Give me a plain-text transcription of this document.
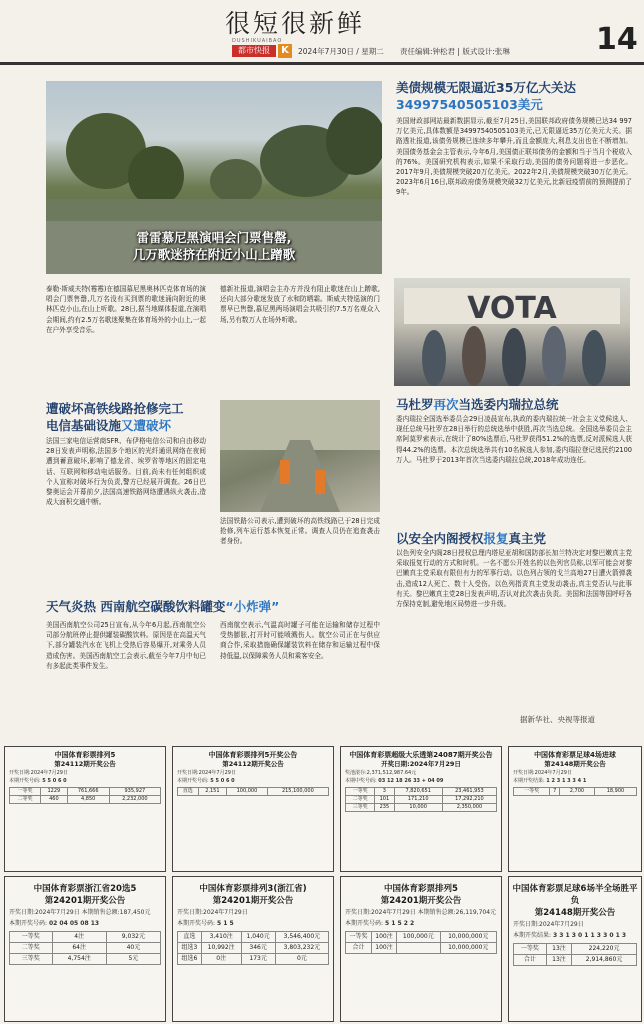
很短很新鲜
DUSHIKUAIBAO
都市快报	K	2024年7月30日 / 星期二 责任编辑:钟松君 | 版式设计:张琳	14
雷雷慕尼黑演唱会门票售罄,
几万歌迷挤在附近小山上蹭歌
美债规模无限逼近35万亿大关达34997540505103美元
美国财政部网站最新数据显示,截至7月25日,美国联邦政府债务规模已达34 997万亿美元,具体数额是34997540505103美元,已无限逼近35万亿美元大关。据路透社报道,该债务规模已连续多年攀升,而且金额庞大,利息支出也在不断增加。美国债务基金会主管表示,今年6月,美国债正联邦债务的金额和当于当月个税收入的76%。美国研究机构表示,如果不采取行动,美国的债务问题将进一步恶化。2017年9月,美债规模突破20万亿美元。2022年2月,美债规模突破30万亿美元。2023年6月16日,联邦政府债务规模突破32万亿美元,比新冠疫情前的预测提前了9年。
泰勒·斯威夫特(霉霉)在德国慕尼黑奥林匹克体育场的演唱会门票售罄,几万名没有买到票的歌迷涌向附近的奥林匹克小山,在山上听歌。28日,据当地媒体报道,在演唱会期间,约有2.5万名歌迷聚集在体育场外的小山上,一起在户外享受音乐。
德新社报道,演唱会主办方并没有阻止歌迷在山上蹭歌,还向大部分歌迷发放了水和防晒霜。斯威夫特巡演的门票早已售罄,慕尼黑两场演唱会共吸引约7.5万名观众入场,另有数万人在场外听歌。	VOTA
遭破坏高铁线路抢修完工
电信基础设施又遭破坏
法国三家电信运营商SFR、布伊格电信公司和自由移动28日发表声明称,法国多个地区的光纤通讯网络在夜间遭到蓄意破坏,影响了德龙省、埃罗省等地区的固定电话、互联网和移动电话服务。目前,尚未有任何组织或个人宣称对破坏行为负责,警方已经展开调查。26日巴黎奥运会开幕前夕,法国高速铁路网络遭遇纵火袭击,造成大面积交通中断。
法国铁路公司表示,遭到破坏的高铁线路已于28日完成抢修,列车运行基本恢复正常。调查人员仍在追查袭击者身份。
天气炎热 西南航空碳酸饮料罐变“小炸弹”
美国西南航空公司25日宣布,从今年6月起,西南航空公司部分航班停止提供罐装碳酸饮料。原因是在高温天气下,部分罐装汽水在飞机上受热后容易爆开,对乘务人员造成伤害。美国西南航空工会表示,截至今年7月中旬已有多起此类事件发生。
西南航空表示,气温高时罐子可能在运输和储存过程中受热膨胀,打开时可能喷溅伤人。航空公司正在与供应商合作,采取措施确保罐装饮料在储存和运输过程中保持低温,以保障乘务人员和乘客安全。
马杜罗再次当选委内瑞拉总统
委内瑞拉全国选举委员会29日凌晨宣布,执政的委内瑞拉统一社会主义党候选人、现任总统马杜罗在28日举行的总统选举中获胜,再次当选总统。全国选举委员会主席阿莫罗索表示,在统计了80%选票后,马杜罗获得51.2%的选票,反对派候选人获得44.2%的选票。本次总统选举共有10名候选人参加,委内瑞拉登记选民约2100万人。马杜罗于2013年首次当选委内瑞拉总统,2018年成功连任。
以安全内阁授权报复真主党
以色列安全内阁28日授权总理内塔尼亚胡和国防部长加兰特决定对黎巴嫩真主党采取报复行动的方式和时机。一名不愿公开姓名的以色列官员称,以军可能会对黎巴嫩真主党采取有限但有力的军事行动。以色列占领的戈兰高地27日遭火箭弹袭击,造成12人死亡、数十人受伤。以色列指责真主党发动袭击,真主党否认与此事有关。黎巴嫩真主党28日发表声明,否认对此次袭击负责。美国和法国等国呼吁各方保持克制,避免地区局势进一步升级。
据新华社、央视等报道
中国体育彩票排列5
第24112期开奖公告
开奖日期:2024年7月29日
本期开奖号码: 5 5 0 6 0
一等奖	1229	761,666	935,927
二等奖	460	4,850	2,232,000
中国体育彩票排列5开奖公告
第24112期开奖公告
开奖日期:2024年7月29日
本期开奖号码: 5 5 0 6 0
直选	2,151	100,000	215,100,000
中国体育彩票超级大乐透第24087期开奖公告
开奖日期:2024年7月29日
奖池滚存:2,371,512,987.64元
本期中奖号码: 03 12 18 26 33 + 04 09
一等奖	3	7,820,651	23,461,953
二等奖	101	171,210	17,292,210
三等奖	235	10,000	2,350,000
中国体育彩票足球4场进球
第24148期开奖公告
开奖日期:2024年7月29日
本期开奖结果: 1 2 3 1 3 3 4 1
一等奖	7	2,700	18,900
中国体育彩票浙江省20选5
第24201期开奖公告
开奖日期:2024年7月29日 本期销售总额:187,450元
本期开奖号码: 02 04 05 08 13
一等奖	4注	9,032元
二等奖	64注	40元
三等奖	4,754注	5元
中国体育彩票排列3(浙江省)
第24201期开奖公告
开奖日期:2024年7月29日
本期开奖号码: 5 1 5
直选	3,410注	1,040元	3,546,400元
组选3	10,992注	346元	3,803,232元
组选6	0注	173元	0元
中国体育彩票排列5
第24201期开奖公告
开奖日期:2024年7月29日 本期销售总额:26,119,704元
本期开奖号码: 5 1 5 2 2
一等奖	100注	100,000元	10,000,000元
合计	100注		10,000,000元
中国体育彩票足球6场半全场胜平负
第24148期开奖公告
开奖日期:2024年7月29日
本期开奖结果: 3 3 1 3 0 1 1 3 3 0 1 3
一等奖	13注	224,220元
合计	13注	2,914,860元
